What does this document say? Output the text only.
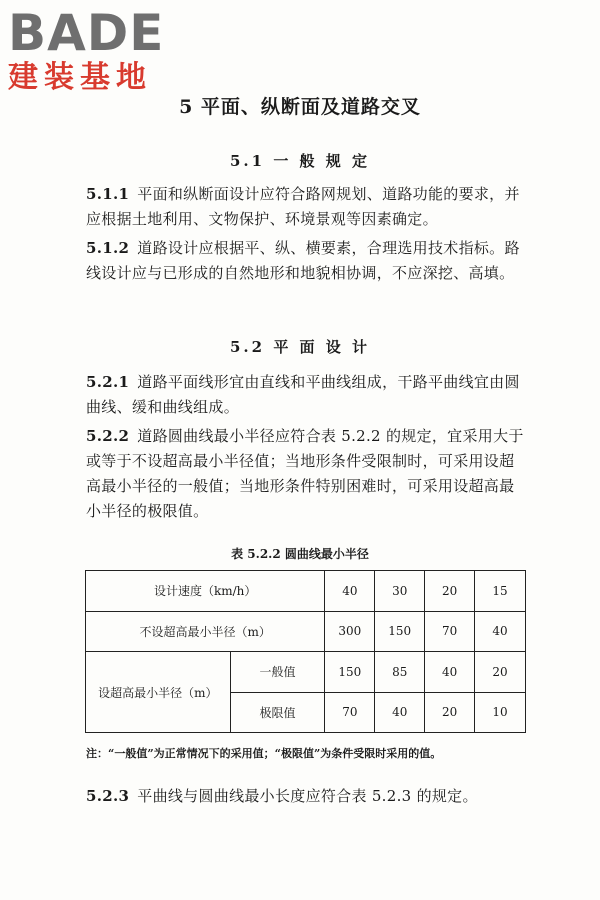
BADE
建装基地
5 平面、纵断面及道路交叉
5.1 一 般 规 定
5.1.1 平面和纵断面设计应符合路网规划、道路功能的要求，并应根据土地利用、文物保护、环境景观等因素确定。
5.1.2 道路设计应根据平、纵、横要素，合理选用技术指标。路线设计应与已形成的自然地形和地貌相协调，不应深挖、高填。
5.2 平 面 设 计
5.2.1 道路平面线形宜由直线和平曲线组成，干路平曲线宜由圆曲线、缓和曲线组成。
5.2.2 道路圆曲线最小半径应符合表 5.2.2 的规定，宜采用大于或等于不设超高最小半径值；当地形条件受限制时，可采用设超高最小半径的一般值；当地形条件特别困难时，可采用设超高最小半径的极限值。
表 5.2.2 圆曲线最小半径
设计速度（km/h）		40	30	20	15
不设超高最小半径（m）		300	150	70	40
设超高最小半径（m）	一般值	150	85	40	20
	极限值	70	40	20	10
注：“一般值”为正常情况下的采用值；“极限值”为条件受限时采用的值。
5.2.3 平曲线与圆曲线最小长度应符合表 5.2.3 的规定。
